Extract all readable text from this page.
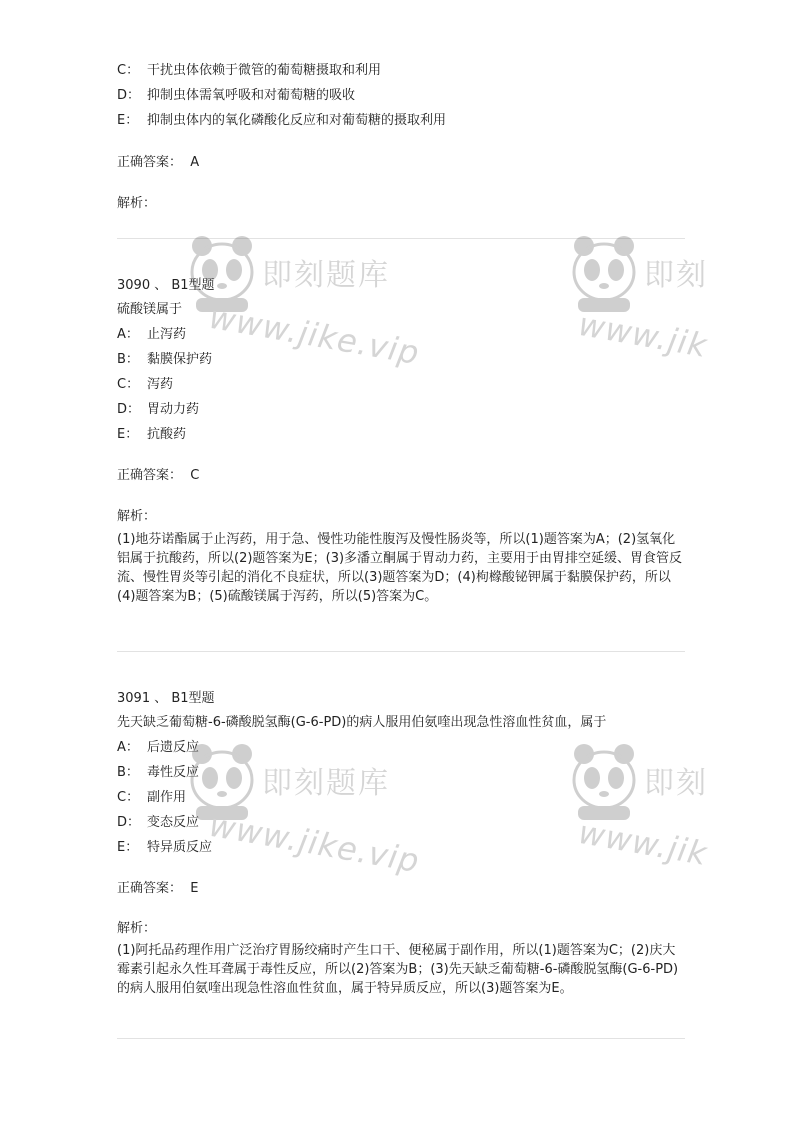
C： 干扰虫体依赖于微管的葡萄糖摄取和利用
D： 抑制虫体需氧呼吸和对葡萄糖的吸收
E： 抑制虫体内的氧化磷酸化反应和对葡萄糖的摄取利用
正确答案： A
解析：
3090 、 B1型题
硫酸镁属于
A： 止泻药
B： 黏膜保护药
C： 泻药
D： 胃动力药
E： 抗酸药
正确答案： C
解析：
(1)地芬诺酯属于止泻药，用于急、慢性功能性腹泻及慢性肠炎等，所以(1)题答案为A；(2)氢氧化铝属于抗酸药，所以(2)题答案为E；(3)多潘立酮属于胃动力药，主要用于由胃排空延缓、胃食管反流、慢性胃炎等引起的消化不良症状，所以(3)题答案为D；(4)枸橼酸铋钾属于黏膜保护药，所以(4)题答案为B；(5)硫酸镁属于泻药，所以(5)答案为C。
3091 、 B1型题
先天缺乏葡萄糖-6-磷酸脱氢酶(G-6-PD)的病人服用伯氨喹出现急性溶血性贫血，属于
A： 后遗反应
B： 毒性反应
C： 副作用
D： 变态反应
E： 特异质反应
正确答案： E
解析：
(1)阿托品药理作用广泛治疗胃肠绞痛时产生口干、便秘属于副作用，所以(1)题答案为C；(2)庆大霉素引起永久性耳聋属于毒性反应，所以(2)答案为B；(3)先天缺乏葡萄糖-6-磷酸脱氢酶(G-6-PD)的病人服用伯氨喹出现急性溶血性贫血，属于特异质反应，所以(3)题答案为E。
即刻题库
www.jike.vip
即刻
www.jik
即刻题库
www.jike.vip
即刻
www.jik
